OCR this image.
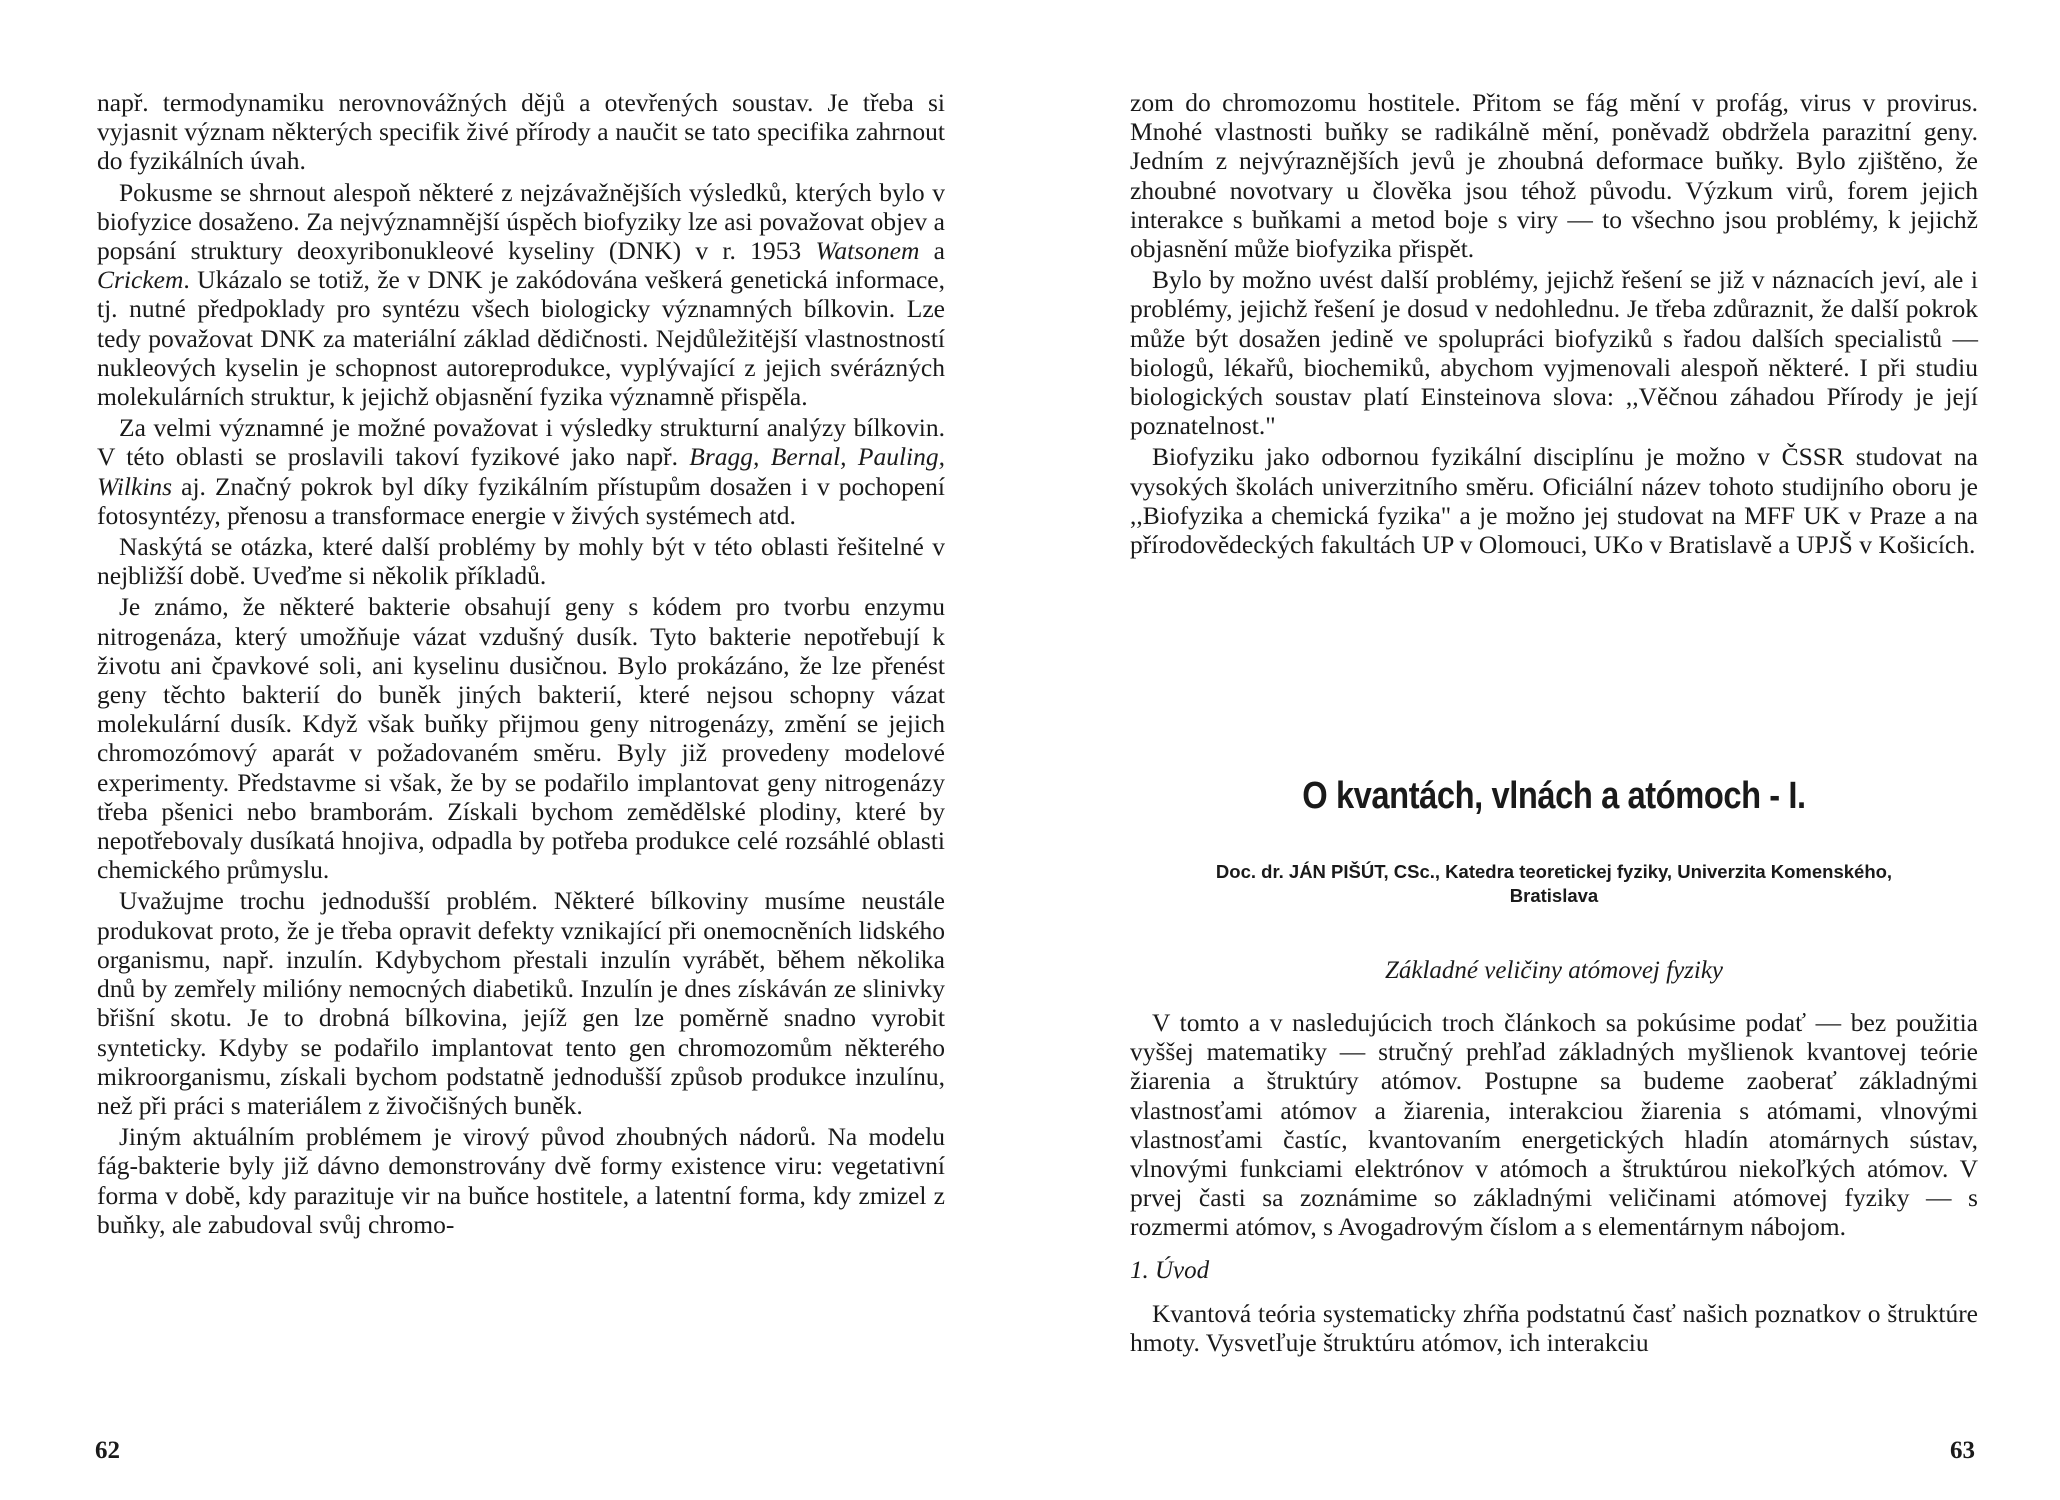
např. termodynamiku nerovnovážných dějů a otevřených soustav. Je třeba si vyjasnit význam některých specifik živé přírody a naučit se tato specifika zahrnout do fyzikálních úvah.

Pokusme se shrnout alespoň některé z nejzávažnějších výsledků, kterých bylo v biofyzice dosaženo. Za nejvýznamnější úspěch biofyziky lze asi považovat objev a popsání struktury deoxyribonukleové kyseliny (DNK) v r. 1953 Watsonem a Crickem. Ukázalo se totiž, že v DNK je zakódována veškerá genetická informace, tj. nutné předpoklady pro syntézu všech biologicky významných bílkovin. Lze tedy považovat DNK za materiální základ dědičnosti. Nejdůležitější vlastnostností nukleových kyselin je schopnost autoreprodukce, vyplývající z jejich svérázných molekulárních struktur, k jejichž objasnění fyzika významně přispěla.

Za velmi významné je možné považovat i výsledky strukturní analýzy bílkovin. V této oblasti se proslavili takoví fyzikové jako např. Bragg, Bernal, Pauling, Wilkins aj. Značný pokrok byl díky fyzikálním přístupům dosažen i v pochopení fotosyntézy, přenosu a transformace energie v živých systémech atd.

Naskýtá se otázka, které další problémy by mohly být v této oblasti řešitelné v nejbližší době. Uveďme si několik příkladů.

Je známo, že některé bakterie obsahují geny s kódem pro tvorbu enzymu nitrogenáza, který umožňuje vázat vzdušný dusík. Tyto bakterie nepotřebují k životu ani čpavkové soli, ani kyselinu dusičnou. Bylo prokázáno, že lze přenést geny těchto bakterií do buněk jiných bakterií, které nejsou schopny vázat molekulární dusík. Když však buňky přijmou geny nitrogenázy, změní se jejich chromozómový aparát v požadovaném směru. Byly již provedeny modelové experimenty. Představme si však, že by se podařilo implantovat geny nitrogenázy třeba pšenici nebo bramborám. Získali bychom zemědělské plodiny, které by nepotřebovaly dusíkatá hnojiva, odpadla by potřeba produkce celé rozsáhlé oblasti chemického průmyslu.

Uvažujme trochu jednodušší problém. Některé bílkoviny musíme neustále produkovat proto, že je třeba opravit defekty vznikající při onemocněních lidského organismu, např. inzulín. Kdybychom přestali inzulín vyrábět, během několika dnů by zemřely milióny nemocných diabetiků. Inzulín je dnes získáván ze slinivky břišní skotu. Je to drobná bílkovina, jejíž gen lze poměrně snadno vyrobit synteticky. Kdyby se podařilo implantovat tento gen chromozomům některého mikroorganismu, získali bychom podstatně jednodušší způsob produkce inzulínu, než při práci s materiálem z živočišných buněk.

Jiným aktuálním problémem je virový původ zhoubných nádorů. Na modelu fág-bakterie byly již dávno demonstrovány dvě formy existence viru: vegetativní forma v době, kdy parazituje vir na buňce hostitele, a latentní forma, kdy zmizel z buňky, ale zabudoval svůj chromo-

62

zom do chromozomu hostitele. Přitom se fág mění v profág, virus v provirus. Mnohé vlastnosti buňky se radikálně mění, poněvadž obdržela parazitní geny. Jedním z nejvýraznějších jevů je zhoubná deformace buňky. Bylo zjištěno, že zhoubné novotvary u člověka jsou téhož původu. Výzkum virů, forem jejich interakce s buňkami a metod boje s viry — to všechno jsou problémy, k jejichž objasnění může biofyzika přispět.

Bylo by možno uvést další problémy, jejichž řešení se již v náznacích jeví, ale i problémy, jejichž řešení je dosud v nedohlednu. Je třeba zdůraznit, že další pokrok může být dosažen jedině ve spolupráci biofyziků s řadou dalších specialistů — biologů, lékařů, biochemiků, abychom vyjmenovali alespoň některé. I při studiu biologických soustav platí Einsteinova slova: ,,Věčnou záhadou Přírody je její poznatelnost."

Biofyziku jako odbornou fyzikální disciplínu je možno v ČSSR studovat na vysokých školách univerzitního směru. Oficiální název tohoto studijního oboru je ,,Biofyzika a chemická fyzika" a je možno jej studovat na MFF UK v Praze a na přírodovědeckých fakultách UP v Olomouci, UKo v Bratislavě a UPJŠ v Košicích.

O kvantách, vlnách a atómoch - I.
Doc. dr. JÁN PIŠÚT, CSc., Katedra teoretickej fyziky, Univerzita Komenského,
Bratislava
Základné veličiny atómovej fyziky

V tomto a v nasledujúcich troch článkoch sa pokúsime podať — bez použitia vyššej matematiky — stručný prehľad základných myšlienok kvantovej teórie žiarenia a štruktúry atómov. Postupne sa budeme zaoberať základnými vlastnosťami atómov a žiarenia, interakciou žiarenia s atómami, vlnovými vlastnosťami častíc, kvantovaním energetických hladín atomárnych sústav, vlnovými funkciami elektrónov v atómoch a štruktúrou niekoľkých atómov. V prvej časti sa zoznámime so základnými veličinami atómovej fyziky — s rozmermi atómov, s Avogadrovým číslom a s elementárnym nábojom.

1. Úvod

Kvantová teória systematicky zhŕňa podstatnú časť našich poznatkov o štruktúre hmoty. Vysvetľuje štruktúru atómov, ich interakciu

63
